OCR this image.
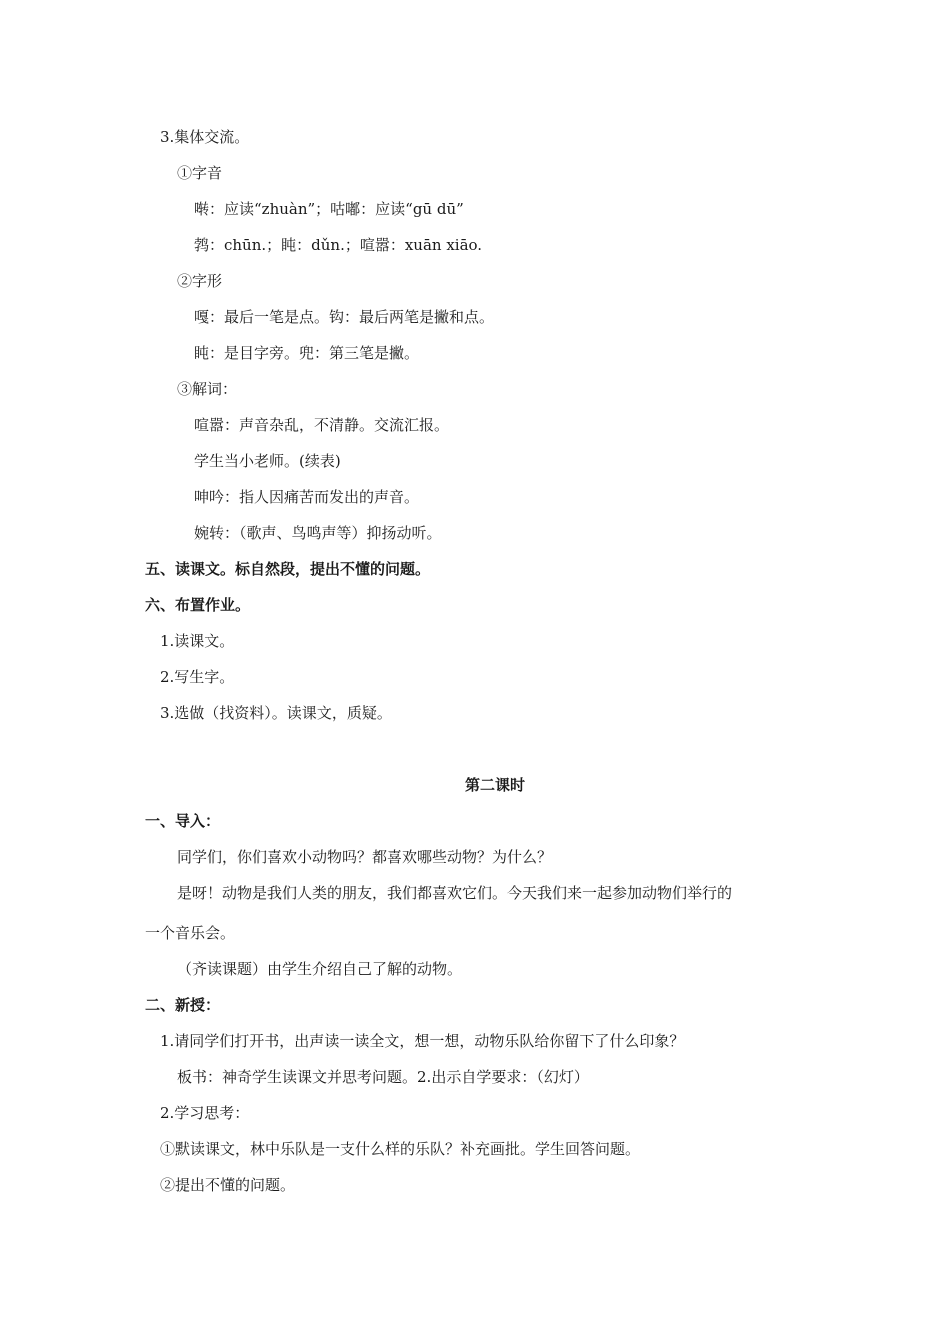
3.集体交流。
①字音
啭：应读“zhuàn”；咕嘟：应读“gū dū”
鹁：chūn.；盹：dǔn.；喧嚣：xuān xiāo.
②字形
嘎：最后一笔是点。钩：最后两笔是撇和点。
盹：是目字旁。兜：第三笔是撇。
③解词：
喧嚣：声音杂乱，不清静。交流汇报。
学生当小老师。(续表)
呻吟：指人因痛苦而发出的声音。
婉转：（歌声、鸟鸣声等）抑扬动听。
五、读课文。标自然段，提出不懂的问题。
六、布置作业。
1.读课文。
2.写生字。
3.选做（找资料）。读课文，质疑。
第二课时
一、导入：
同学们，你们喜欢小动物吗？都喜欢哪些动物？为什么？
是呀！动物是我们人类的朋友，我们都喜欢它们。今天我们来一起参加动物们举行的
一个音乐会。
（齐读课题）由学生介绍自己了解的动物。
二、新授：
1.请同学们打开书，出声读一读全文，想一想，动物乐队给你留下了什么印象？
板书：神奇学生读课文并思考问题。2.出示自学要求：（幻灯）
2.学习思考：
①默读课文，林中乐队是一支什么样的乐队？补充画批。学生回答问题。
②提出不懂的问题。
